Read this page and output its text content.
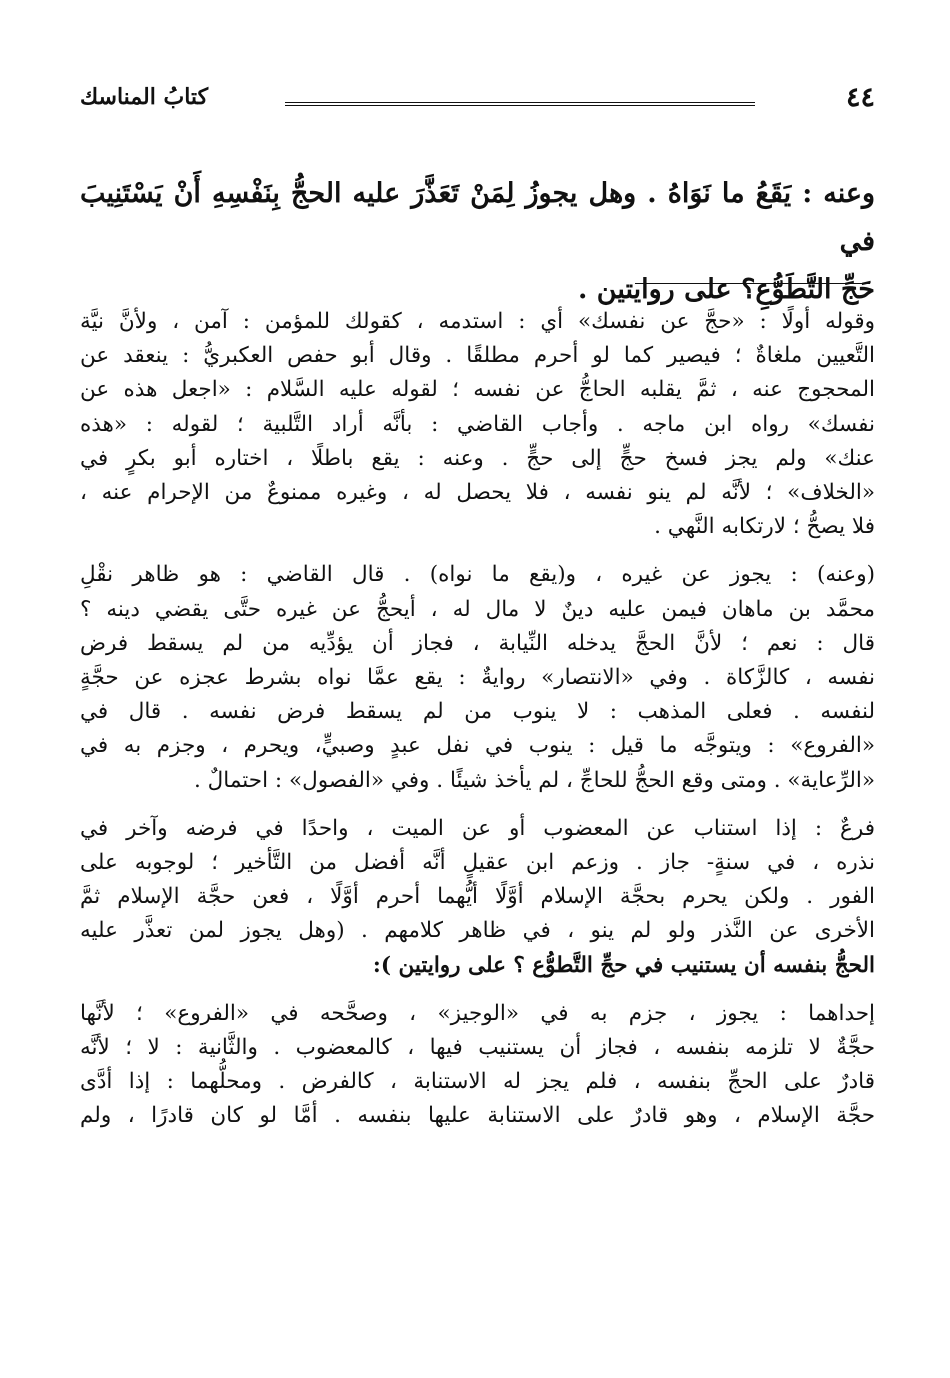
٤٤
كتابُ المناسك

وعنه : يَقَعُ ما نَوَاهُ . وهل يجوزُ لِمَنْ تَعَذَّرَ عليه الحجُّ بِنَفْسِهِ أَنْ يَسْتَنِيبَ في

حَجِّ التَّطَوُّعِ؟ على روايتين .

وقوله أولًا : «حجَّ عن نفسك» أي : استدمه ، كقولك للمؤمن : آمن ، ولأنَّ نيَّة
التَّعيين ملغاةٌ ؛ فيصير كما لو أحرم مطلقًا . وقال أبو حفص العكبريُّ : ينعقد عن
المحجوج عنه ، ثمَّ يقلبه الحاجُّ عن نفسه ؛ لقوله عليه السَّلام : «اجعل هذه عن
نفسك» رواه ابن ماجه . وأجاب القاضي : بأنَّه أراد التَّلبية ؛ لقوله : «هذه
عنك» ولم يجز فسخ حجٍّ إلى حجٍّ . وعنه : يقع باطلًا ، اختاره أبو بكرٍ في
«الخلاف» ؛ لأنَّه لم ينو نفسه ، فلا يحصل له ، وغيره ممنوعٌ من الإحرام عنه ،
فلا يصحُّ ؛ لارتكابه النَّهي .

(وعنه) : يجوز عن غيره ، و(يقع ما نواه) . قال القاضي : هو ظاهر نقْلِ
محمَّد بن ماهان فيمن عليه دينٌ لا مال له ، أيحجُّ عن غيره حتَّى يقضي دينه ؟
قال : نعم ؛ لأنَّ الحجَّ يدخله النِّيابة ، فجاز أن يؤدِّيه من لم يسقط فرض
نفسه ، كالزَّكاة . وفي «الانتصار» روايةٌ : يقع عمَّا نواه بشرط عجزه عن حجَّةٍ
لنفسه . فعلى المذهب : لا ينوب من لم يسقط فرض نفسه . قال في
«الفروع» : ويتوجَّه ما قيل : ينوب في نفل عبدٍ وصبيٍّ، ويحرم ، وجزم به في
«الرِّعاية» . ومتى وقع الحجُّ للحاجِّ ، لم يأخذ شيئًا . وفي «الفصول» : احتمالٌ .

فرعٌ : إذا استناب عن المعضوب أو عن الميت ، واحدًا في فرضه وآخر في
نذره ، في سنةٍ- جاز . وزعم ابن عقيلٍ أنَّه أفضل من التَّأخير ؛ لوجوبه على
الفور . ولكن يحرم بحجَّة الإسلام أوَّلًا أيُّهما أحرم أوَّلًا ، فعن حجَّة الإسلام ثمَّ
الأخرى عن النَّذر ولو لم ينو ، في ظاهر كلامهم . (وهل يجوز لمن تعذَّر عليه
الحجُّ بنفسه أن يستنيب في حجِّ التَّطوُّع ؟ على روايتين ):

إحداهما : يجوز ، جزم به في «الوجيز» ، وصحَّحه في «الفروع» ؛ لأنَّها
حجَّةٌ لا تلزمه بنفسه ، فجاز أن يستنيب فيها ، كالمعضوب . والثَّانية : لا ؛ لأنَّه
قادرٌ على الحجِّ بنفسه ، فلم يجز له الاستنابة ، كالفرض . ومحلُّهما : إذا أدَّى
حجَّة الإسلام ، وهو قادرٌ على الاستنابة عليها بنفسه . أمَّا لو كان قادرًا ، ولم
